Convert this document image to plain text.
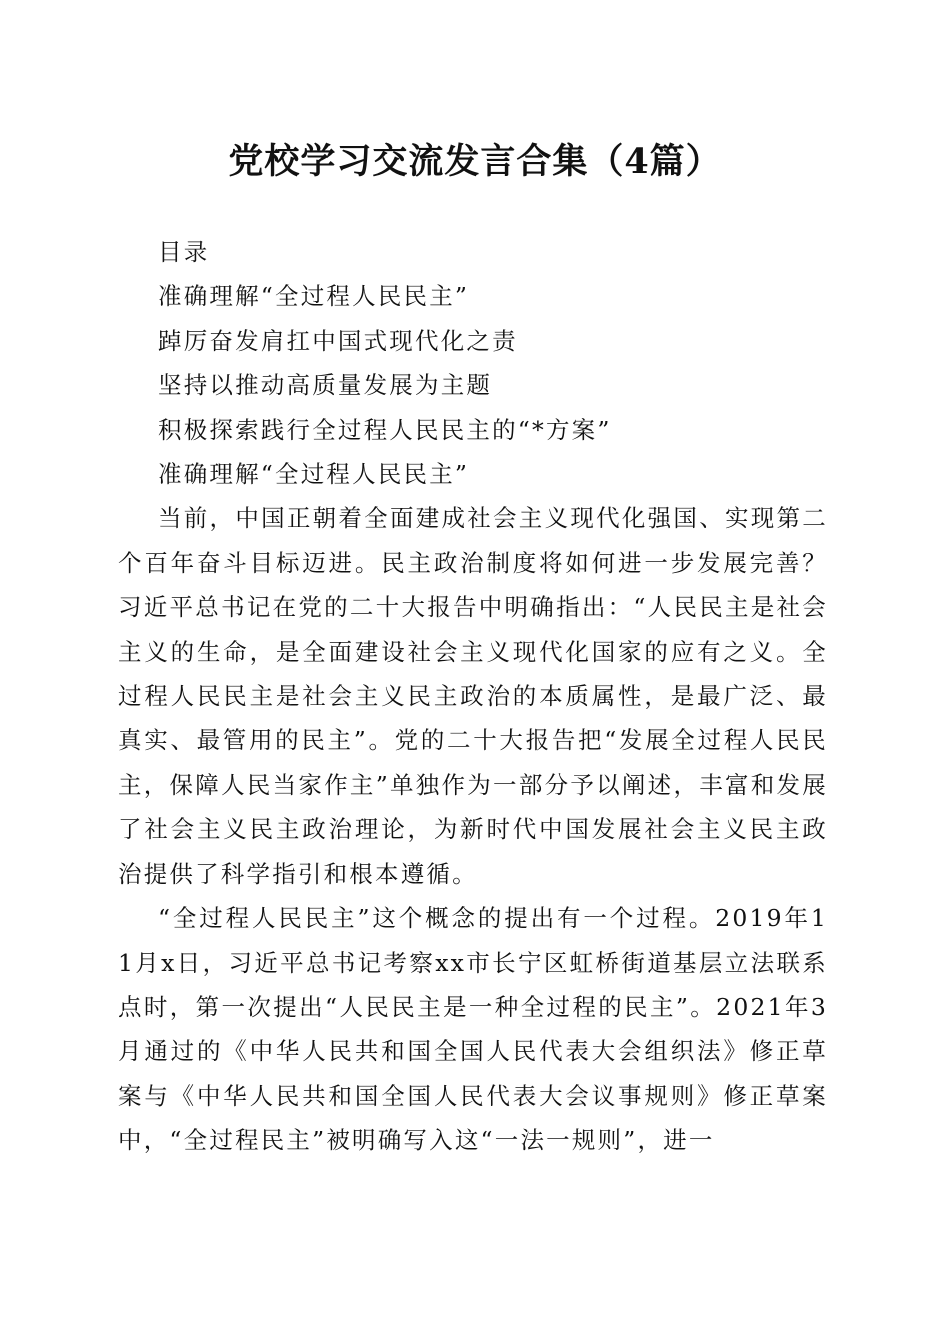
党校学习交流发言合集（4篇）

目录

准确理解“全过程人民民主”

踔厉奋发肩扛中国式现代化之责

坚持以推动高质量发展为主题

积极探索践行全过程人民民主的“*方案”

准确理解“全过程人民民主”

当前，中国正朝着全面建成社会主义现代化强国、实现第二个百年奋斗目标迈进。民主政治制度将如何进一步发展完善？习近平总书记在党的二十大报告中明确指出：“人民民主是社会主义的生命，是全面建设社会主义现代化国家的应有之义。全过程人民民主是社会主义民主政治的本质属性，是最广泛、最真实、最管用的民主”。党的二十大报告把“发展全过程人民民主，保障人民当家作主”单独作为一部分予以阐述，丰富和发展了社会主义民主政治理论，为新时代中国发展社会主义民主政治提供了科学指引和根本遵循。

“全过程人民民主”这个概念的提出有一个过程。2019年11月x日，习近平总书记考察xx市长宁区虹桥街道基层立法联系点时，第一次提出“人民民主是一种全过程的民主”。2021年3月通过的《中华人民共和国全国人民代表大会组织法》修正草案与《中华人民共和国全国人民代表大会议事规则》修正草案中，“全过程民主”被明确写入这“一法一规则”，进一
